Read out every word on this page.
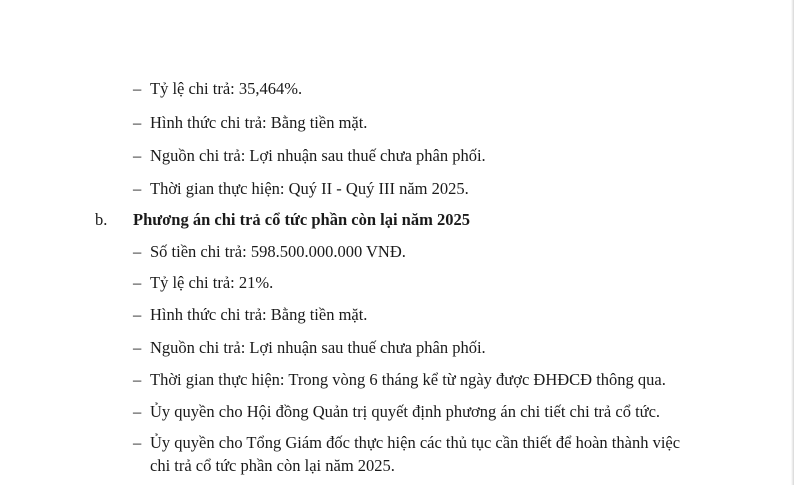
– Tỷ lệ chi trả: 35,464%.
– Hình thức chi trả: Bằng tiền mặt.
– Nguồn chi trả: Lợi nhuận sau thuế chưa phân phối.
– Thời gian thực hiện: Quý II - Quý III năm 2025.
b. Phương án chi trả cổ tức phần còn lại năm 2025
– Số tiền chi trả: 598.500.000.000 VNĐ.
– Tỷ lệ chi trả: 21%.
– Hình thức chi trả: Bằng tiền mặt.
– Nguồn chi trả: Lợi nhuận sau thuế chưa phân phối.
– Thời gian thực hiện: Trong vòng 6 tháng kể từ ngày được ĐHĐCĐ thông qua.
– Ủy quyền cho Hội đồng Quản trị quyết định phương án chi tiết chi trả cổ tức.
– Ủy quyền cho Tổng Giám đốc thực hiện các thủ tục cần thiết để hoàn thành việc
chi trả cổ tức phần còn lại năm 2025.
